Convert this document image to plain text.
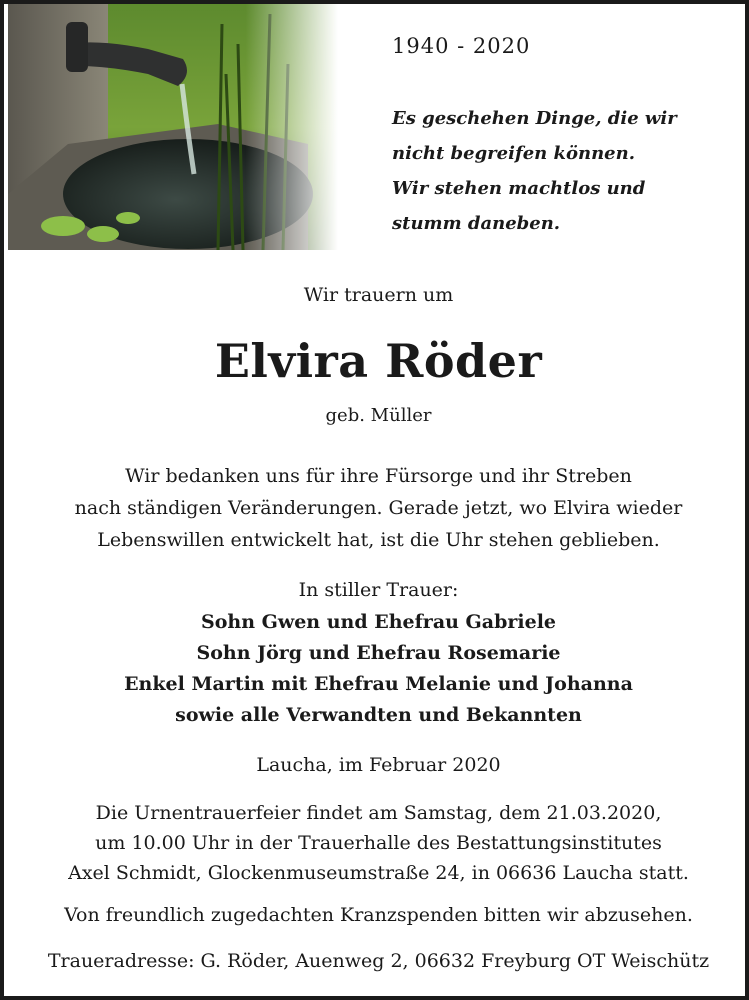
1940 - 2020
Es geschehen Dinge, die wir
nicht begreifen können.
Wir stehen machtlos und
stumm daneben.
Wir trauern um
Elvira Röder
geb. Müller
Wir bedanken uns für ihre Fürsorge und ihr Streben
nach ständigen Veränderungen. Gerade jetzt, wo Elvira wieder
Lebenswillen entwickelt hat, ist die Uhr stehen geblieben.
In stiller Trauer:
Sohn Gwen und Ehefrau Gabriele
Sohn Jörg und Ehefrau Rosemarie
Enkel Martin mit Ehefrau Melanie und Johanna
sowie alle Verwandten und Bekannten
Laucha, im Februar 2020
Die Urnentrauerfeier findet am Samstag, dem 21.03.2020,
um 10.00 Uhr in der Trauerhalle des Bestattungsinstitutes
Axel Schmidt, Glockenmuseumstraße 24, in 06636 Laucha statt.
Von freundlich zugedachten Kranzspenden bitten wir abzusehen.
Traueradresse: G. Röder, Auenweg 2, 06632 Freyburg OT Weischütz
